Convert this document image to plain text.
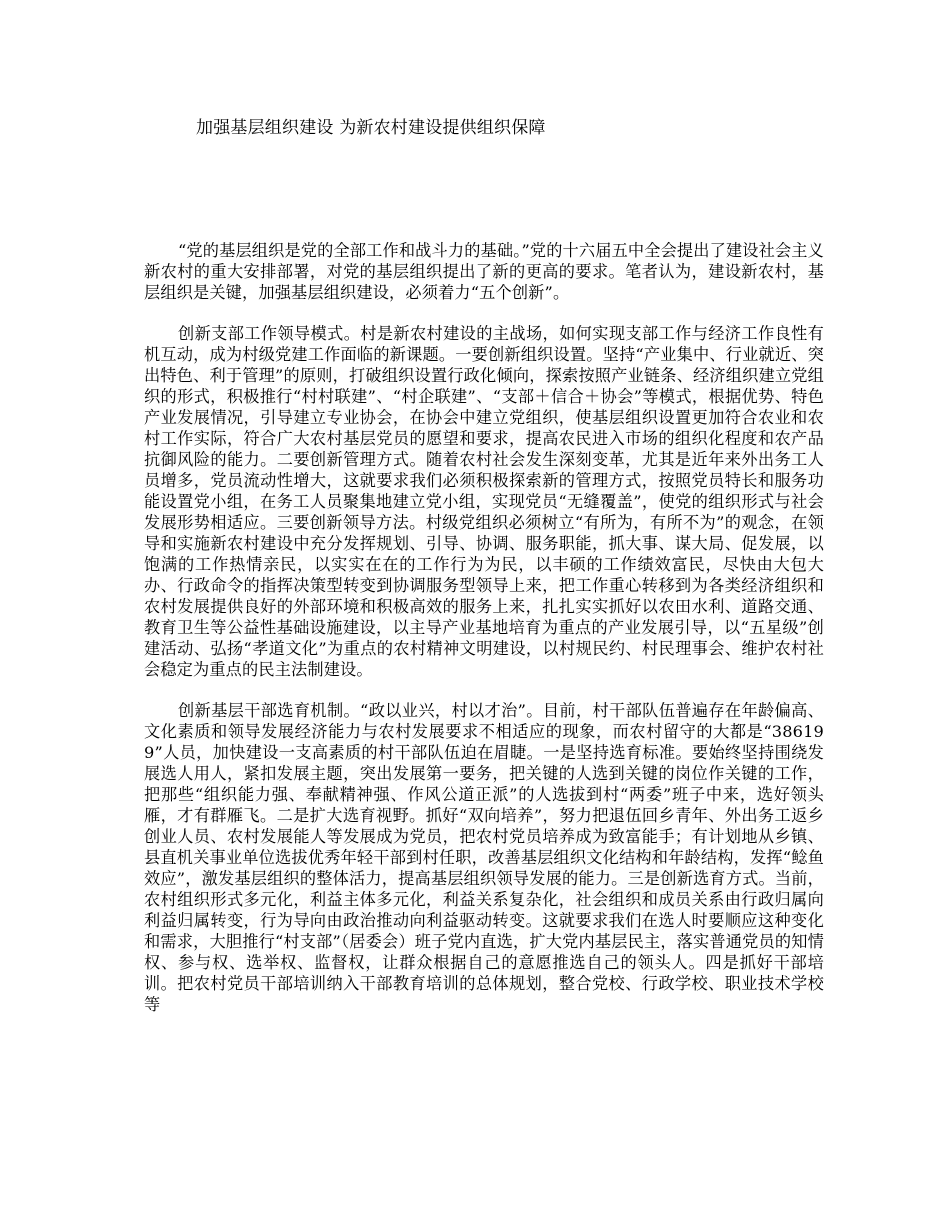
加强基层组织建设 为新农村建设提供组织保障

“党的基层组织是党的全部工作和战斗力的基础。”党的十六届五中全会提出了建设社会主义新农村的重大安排部署，对党的基层组织提出了新的更高的要求。笔者认为，建设新农村，基层组织是关键，加强基层组织建设，必须着力“五个创新”。

创新支部工作领导模式。村是新农村建设的主战场，如何实现支部工作与经济工作良性有机互动，成为村级党建工作面临的新课题。一要创新组织设置。坚持“产业集中、行业就近、突出特色、利于管理”的原则，打破组织设置行政化倾向，探索按照产业链条、经济组织建立党组织的形式，积极推行“村村联建”、“村企联建”、“支部＋信合＋协会”等模式，根据优势、特色产业发展情况，引导建立专业协会，在协会中建立党组织，使基层组织设置更加符合农业和农村工作实际，符合广大农村基层党员的愿望和要求，提高农民进入市场的组织化程度和农产品抗御风险的能力。二要创新管理方式。随着农村社会发生深刻变革，尤其是近年来外出务工人员增多，党员流动性增大，这就要求我们必须积极探索新的管理方式，按照党员特长和服务功能设置党小组，在务工人员聚集地建立党小组，实现党员“无缝覆盖”，使党的组织形式与社会发展形势相适应。三要创新领导方法。村级党组织必须树立“有所为，有所不为”的观念，在领导和实施新农村建设中充分发挥规划、引导、协调、服务职能，抓大事、谋大局、促发展，以饱满的工作热情亲民，以实实在在的工作行为为民，以丰硕的工作绩效富民，尽快由大包大办、行政命令的指挥决策型转变到协调服务型领导上来，把工作重心转移到为各类经济组织和农村发展提供良好的外部环境和积极高效的服务上来，扎扎实实抓好以农田水利、道路交通、教育卫生等公益性基础设施建设，以主导产业基地培育为重点的产业发展引导，以“五星级”创建活动、弘扬“孝道文化”为重点的农村精神文明建设，以村规民约、村民理事会、维护农村社会稳定为重点的民主法制建设。

创新基层干部选育机制。“政以业兴，村以才治”。目前，村干部队伍普遍存在年龄偏高、文化素质和领导发展经济能力与农村发展要求不相适应的现象，而农村留守的大都是“386199”人员，加快建设一支高素质的村干部队伍迫在眉睫。一是坚持选育标准。要始终坚持围绕发展选人用人，紧扣发展主题，突出发展第一要务，把关键的人选到关键的岗位作关键的工作，把那些“组织能力强、奉献精神强、作风公道正派”的人选拔到村“两委”班子中来，选好领头雁，才有群雁飞。二是扩大选育视野。抓好“双向培养”，努力把退伍回乡青年、外出务工返乡创业人员、农村发展能人等发展成为党员，把农村党员培养成为致富能手；有计划地从乡镇、县直机关事业单位选拔优秀年轻干部到村任职，改善基层组织文化结构和年龄结构，发挥“鲶鱼效应”，激发基层组织的整体活力，提高基层组织领导发展的能力。三是创新选育方式。当前，农村组织形式多元化，利益主体多元化，利益关系复杂化，社会组织和成员关系由行政归属向利益归属转变，行为导向由政治推动向利益驱动转变。这就要求我们在选人时要顺应这种变化和需求，大胆推行“村支部”（居委会）班子党内直选，扩大党内基层民主，落实普通党员的知情权、参与权、选举权、监督权，让群众根据自己的意愿推选自己的领头人。四是抓好干部培训。把农村党员干部培训纳入干部教育培训的总体规划，整合党校、行政学校、职业技术学校等
